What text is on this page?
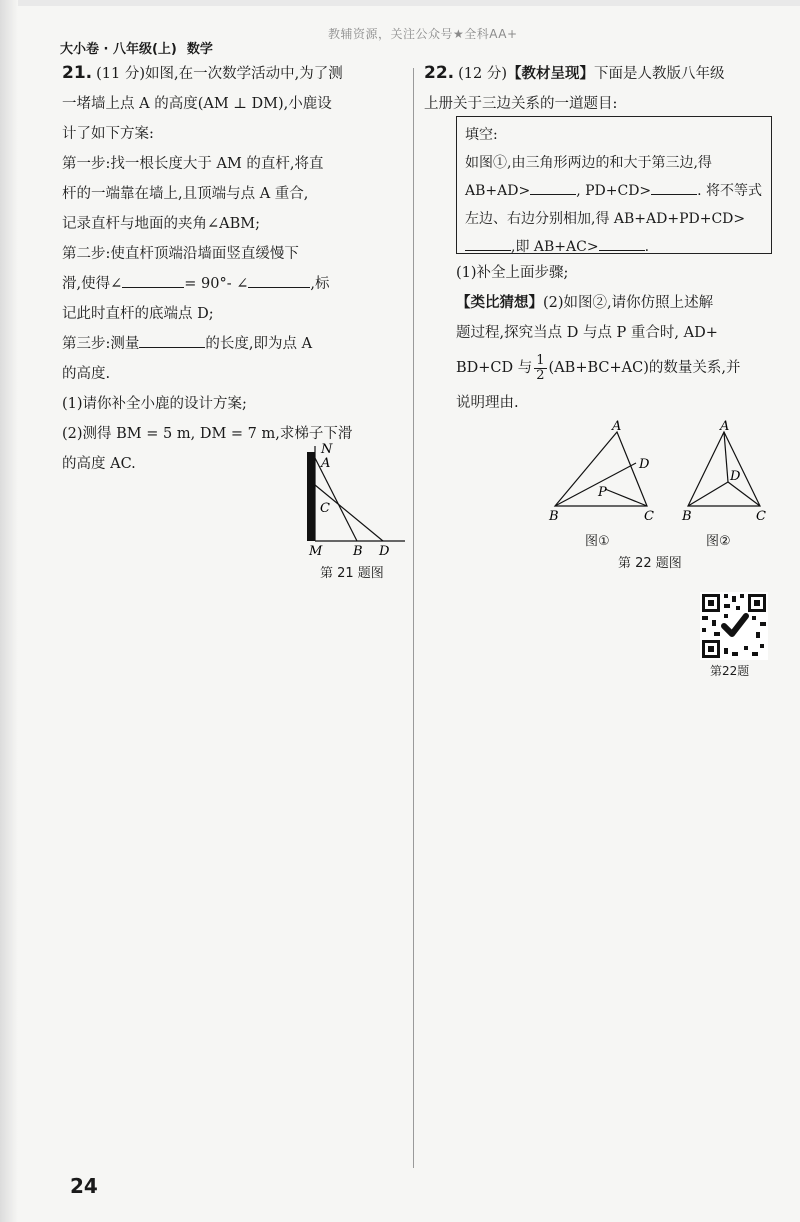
教辅资源，关注公众号★全科AA+
大小卷 · 八年级(上) 数学

21. (11 分)如图,在一次数学活动中,为了测

一堵墙上点 A 的高度(AM ⊥ DM),小鹿设

计了如下方案:

第一步:找一根长度大于 AM 的直杆,将直

杆的一端靠在墙上,且顶端与点 A 重合,

记录直杆与地面的夹角∠ABM;

第二步:使直杆顶端沿墙面竖直缓慢下

滑,使得∠	= 90°- ∠	,标

记此时直杆的底端点 D;

第三步:测量	的长度,即为点 A

的高度.

(1)请你补全小鹿的设计方案;

(2)测得 BM = 5 m, DM = 7 m,求梯子下滑

的高度 AC.

N
A
C
M B D
第 21 题图

22. (12 分)【教材呈现】下面是人教版八年级

上册关于三边关系的一道题目:

填空:

如图①,由三角形两边的和大于第三边,得

AB+AD>	, PD+CD>	. 将不等式

左边、右边分别相加,得 AB+AD+PD+CD>

,即 AB+AC>	.

(1)补全上面步骤;

【类比猜想】(2)如图②,请你仿照上述解

题过程,探究当点 D 与点 P 重合时, AD+

BD+CD 与 $\frac{1}{2} (AB+BC+AC)$的数量关系,并

说明理由.

A
B	C
D
P
图①
A
B	C
D
图②
第 22 题图
第22题
24
